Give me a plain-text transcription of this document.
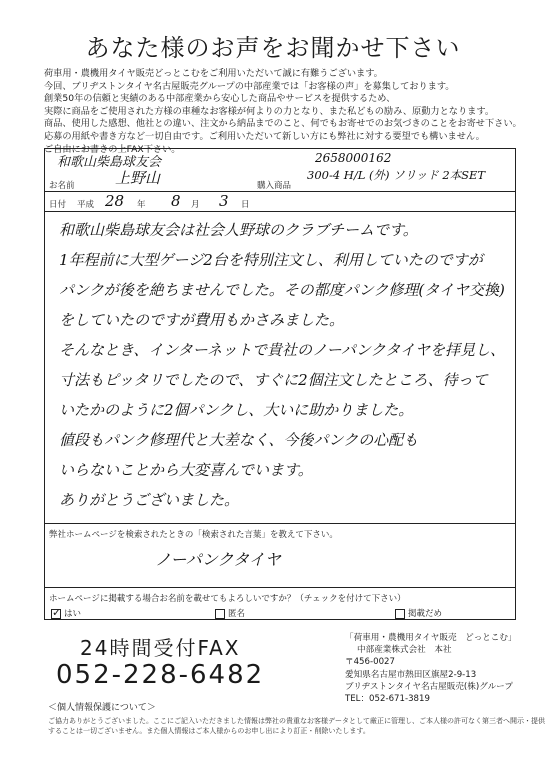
あなた様のお声をお聞かせ下さい
荷車用・農機用タイヤ販売どっとこむをご利用いただいて誠に有難うございます。
今回、ブリヂストンタイヤ名古屋販売グループの中部産業では「お客様の声」を募集しております。
創業50年の信頼と実績のある中部産業から安心した商品やサービスを提供するため、
実際に商品をご使用された方様の車種なお客様が何よりの力となり、また私どもの励み、原動力となります。
商品、使用した感想、他社との違い、注文から納品までのこと、何でもお寄せでのお気づきのことをお寄せ下さい。
応募の用紙や書き方など一切自由です。ご利用いただいて新しい方にも弊社に対する要望でも構いません。
ご自由にお書きの上FAX下さい。
和歌山柴島球友会	2658000162
お名前	上野山	購入商品
300-4 H/L (外) ソリッド 2本SET
日付 平成 28 年 8 月 3 日
和歌山柴島球友会は社会人野球のクラブチームです。
1年程前に大型ゲージ2台を特別注文し、利用していたのですが
パンクが後を絶ちませんでした。その都度パンク修理(タイヤ交換)
をしていたのですが費用もかさみました。
そんなとき、インターネットで貴社のノーパンクタイヤを拝見し、
寸法もピッタリでしたので、すぐに2個注文したところ、待って
いたかのように2個パンクし、大いに助かりました。
値段もパンク修理代と大差なく、今後パンクの心配も
いらないことから大変喜んでいます。
ありがとうございました。
弊社ホームページを検索されたときの「検索された言葉」を教えて下さい。
ノーパンクタイヤ
ホームページに掲載する場合お名前を載せてもよろしいですか？（チェックを付けて下さい）
✓ はい	匿名	掲載だめ
24時間受付FAX
052-228-6482
「荷車用・農機用タイヤ販売　どっとこむ」
中部産業株式会社　本社
〒456-0027
愛知県名古屋市熱田区旗屋2-9-13
ブリヂストンタイヤ名古屋販売(株)グループ
TEL：052-671-3819
＜個人情報保護について＞
ご協力ありがとうございました。ここにご記入いただきました情報は弊社の貴重なお客様データとして厳正に管理し、ご本人様の許可なく第三者へ開示・提供
することは一切ございません。また個人情報はご本人様からのお申し出により訂正・削除いたします。
